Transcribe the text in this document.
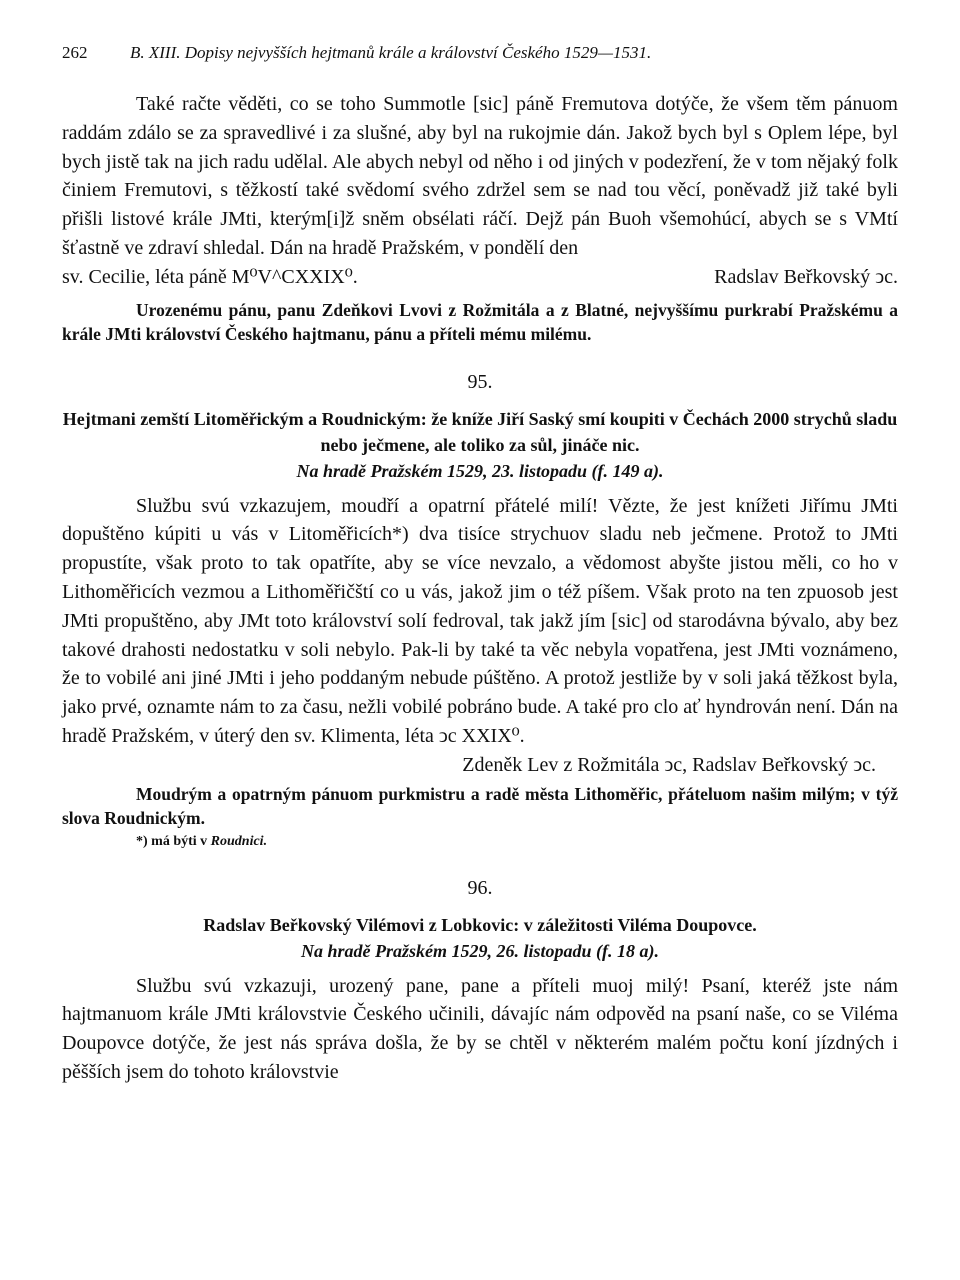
262	B. XIII. Dopisy nejvyšších hejtmanů krále a království Českého 1529—1531.

Také račte věděti, co se toho Summotle [sic] páně Fremutova dotýče, že všem těm pánuom raddám zdálo se za spravedlivé i za slušné, aby byl na rukojmie dán. Jakož bych byl s Oplem lépe, byl bych jistě tak na jich radu udělal. Ale abych nebyl od něho i od jiných v podezření, že v tom nějaký folk činiem Fremutovi, s těžkostí také svědomí svého zdržel sem se nad tou věcí, poněvadž již také byli přišli listové krále JMti, kterým[i]ž sněm obsélati ráčí. Dejž pán Buoh všemohúcí, abych se s VMtí šťastně ve zdraví shledal. Dán na hradě Pražském, v pondělí den

sv. Cecilie, léta páně M⁰V^CXXIX⁰.	Radslav Beřkovský ͻc.

Urozenému pánu, panu Zdeňkovi Lvovi z Rožmitála a z Blatné, nejvyššímu purkrabí Pražskému a krále JMti království Českého hajtmanu, pánu a příteli mému milému.

95.

Hejtmani zemští Litoměřickým a Roudnickým: že kníže Jiří Saský smí koupiti v Čechách 2000 strychů sladu nebo ječmene, ale toliko za sůl, jináče nic.

Na hradě Pražském 1529, 23. listopadu (f. 149 a).

Službu svú vzkazujem, moudří a opatrní přátelé milí! Vězte, že jest knížeti Jiřímu JMti dopuštěno kúpiti u vás v Litoměřicích*) dva tisíce strychuov sladu neb ječmene. Protož to JMti propustíte, však proto to tak opatříte, aby se více nevzalo, a vědomost abyšte jistou měli, co ho v Lithoměřicích vezmou a Lithoměřičští co u vás, jakož jim o též píšem. Však proto na ten zpuosob jest JMti propuštěno, aby JMt toto království solí fedroval, tak jakž jím [sic] od starodávna bývalo, aby bez takové drahosti nedostatku v soli nebylo. Pak-li by také ta věc nebyla vopatřena, jest JMti voznámeno, že to vobilé ani jiné JMti i jeho poddaným nebude púštěno. A protož jestliže by v soli jaká těžkost byla, jako prvé, oznamte nám to za času, nežli vobilé pobráno bude. A také pro clo ať hyndrován není. Dán na hradě Pražském, v úterý den sv. Klimenta, léta ͻc XXIX⁰.

Zdeněk Lev z Rožmitála ͻc, Radslav Beřkovský ͻc.

Moudrým a opatrným pánuom purkmistru a radě města Lithoměřic, přáteluom našim milým; v týž slova Roudnickým.

*) má býti v Roudnici.

96.

Radslav Beřkovský Vilémovi z Lobkovic: v záležitosti Viléma Doupovce.

Na hradě Pražském 1529, 26. listopadu (f. 18 a).

Službu svú vzkazuji, urozený pane, pane a příteli muoj milý! Psaní, kteréž jste nám hajtmanuom krále JMti královstvie Českého učinili, dávajíc nám odpověd na psaní naše, co se Viléma Doupovce dotýče, že jest nás správa došla, že by se chtěl v některém malém počtu koní jízdných i pěšších jsem do tohoto královstvie
